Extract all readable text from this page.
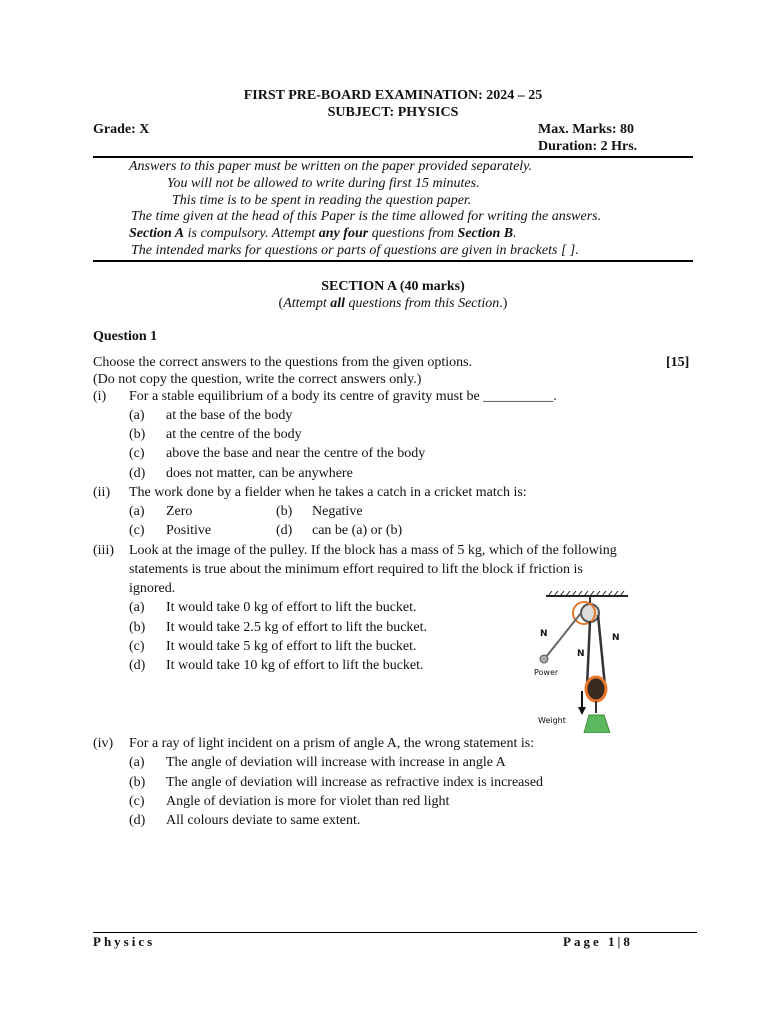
FIRST PRE-BOARD EXAMINATION: 2024 – 25
SUBJECT: PHYSICS
Grade: X	Max. Marks: 80
Duration: 2 Hrs.
Answers to this paper must be written on the paper provided separately.
You will not be allowed to write during first 15 minutes.
This time is to be spent in reading the question paper.
The time given at the head of this Paper is the time allowed for writing the answers.
Section A is compulsory. Attempt any four questions from Section B.
The intended marks for questions or parts of questions are given in brackets [ ].
SECTION A (40 marks)
(Attempt all questions from this Section.)
Question 1
Choose the correct answers to the questions from the given options.	[15]
(Do not copy the question, write the correct answers only.)
(i) For a stable equilibrium of a body its centre of gravity must be __________.
(a) at the base of the body
(b) at the centre of the body
(c) above the base and near the centre of the body
(d) does not matter, can be anywhere
(ii) The work done by a fielder when he takes a catch in a cricket match is:
(a) Zero	(b) Negative
(c) Positive	(d) can be (a) or (b)
(iii) Look at the image of the pulley. If the block has a mass of 5 kg, which of the following
statements is true about the minimum effort required to lift the block if friction is
ignored.
(a) It would take 0 kg of effort to lift the bucket.
(b) It would take 2.5 kg of effort to lift the bucket.
(c) It would take 5 kg of effort to lift the bucket.
(d) It would take 10 kg of effort to lift the bucket.
N	N
N
Power
Weight
(iv) For a ray of light incident on a prism of angle A, the wrong statement is:
(a) The angle of deviation will increase with increase in angle A
(b) The angle of deviation will increase as refractive index is increased
(c) Angle of deviation is more for violet than red light
(d) All colours deviate to same extent.
Physics	Page 1|8
